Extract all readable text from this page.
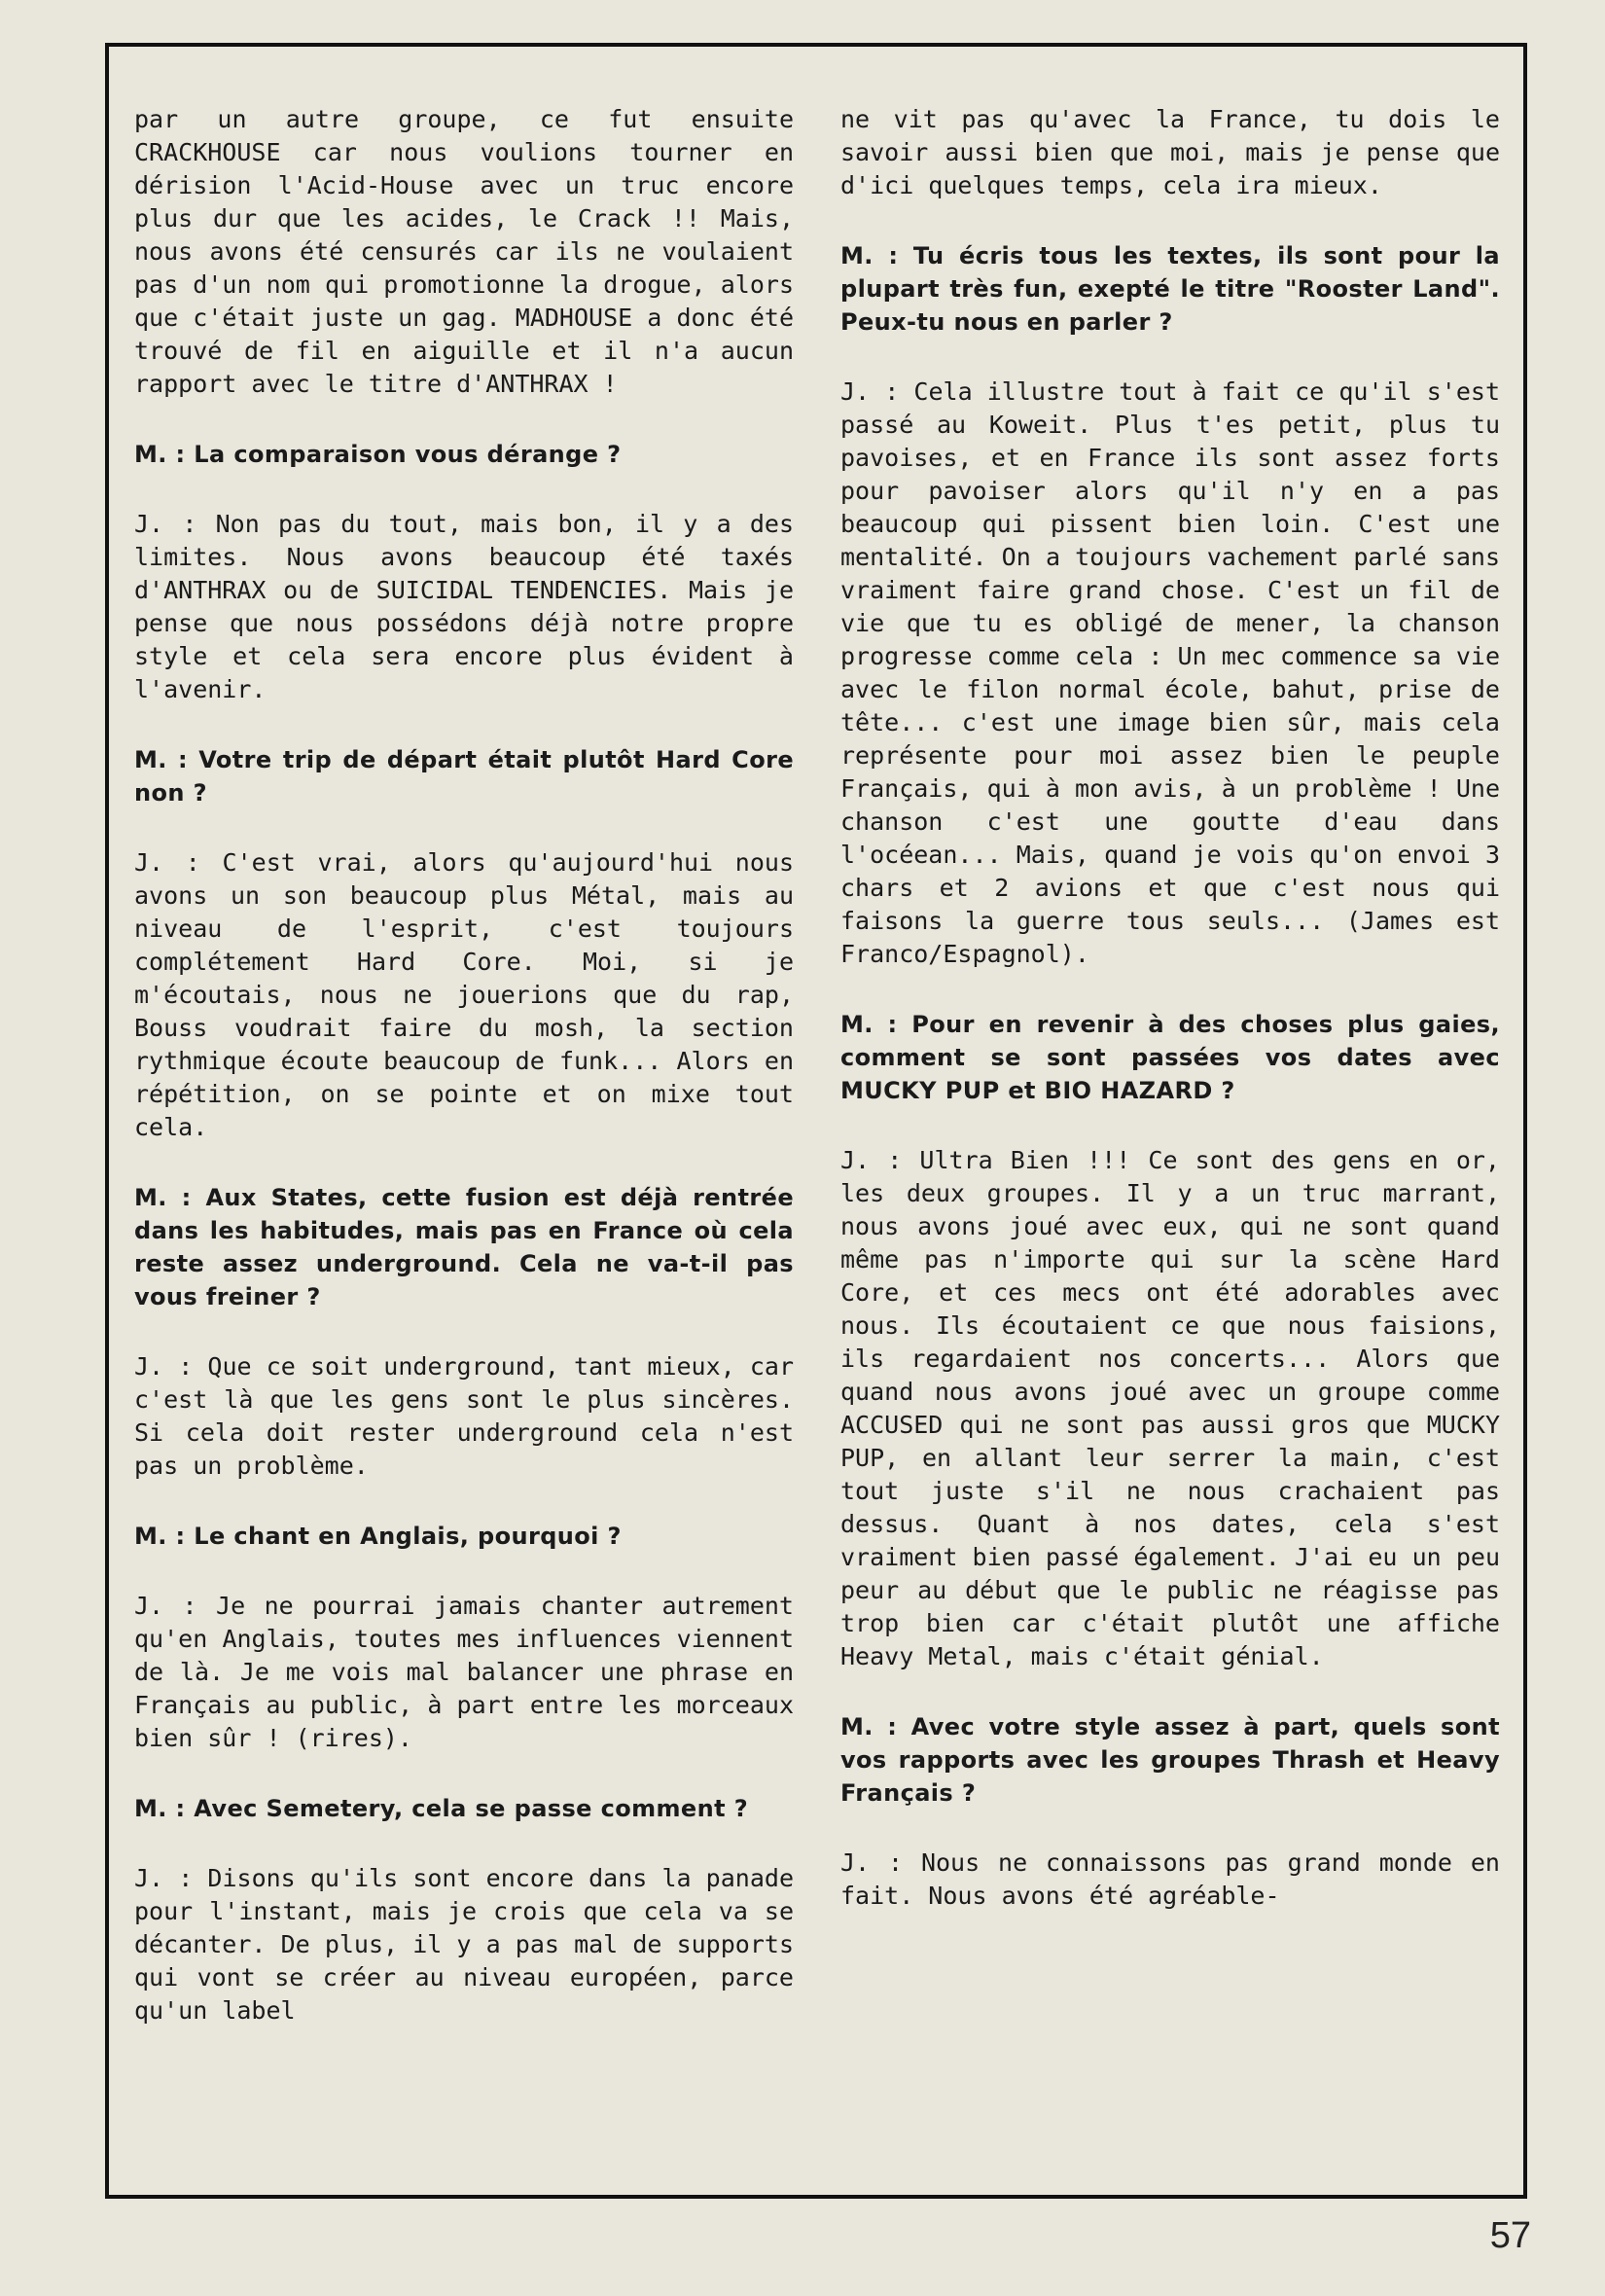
par un autre groupe, ce fut ensuite CRACKHOUSE car nous voulions tourner en dérision l'Acid-House avec un truc encore plus dur que les acides, le Crack !! Mais, nous avons été censurés car ils ne voulaient pas d'un nom qui promotionne la drogue, alors que c'était juste un gag. MADHOUSE a donc été trouvé de fil en aiguille et il n'a aucun rapport avec le titre d'ANTHRAX !

M. : La comparaison vous dérange ?

J. : Non pas du tout, mais bon, il y a des limites. Nous avons beaucoup été taxés d'ANTHRAX ou de SUICIDAL TENDENCIES. Mais je pense que nous possédons déjà notre propre style et cela sera encore plus évident à l'avenir.

M. : Votre trip de départ était plutôt Hard Core non ?

J. : C'est vrai, alors qu'aujourd'hui nous avons un son beaucoup plus Métal, mais au niveau de l'esprit, c'est toujours complétement Hard Core. Moi, si je m'écoutais, nous ne jouerions que du rap, Bouss voudrait faire du mosh, la section rythmique écoute beaucoup de funk... Alors en répétition, on se pointe et on mixe tout cela.

M. : Aux States, cette fusion est déjà rentrée dans les habitudes, mais pas en France où cela reste assez underground. Cela ne va-t-il pas vous freiner ?

J. : Que ce soit underground, tant mieux, car c'est là que les gens sont le plus sincères. Si cela doit rester underground cela n'est pas un problème.

M. : Le chant en Anglais, pourquoi ?

J. : Je ne pourrai jamais chanter autrement qu'en Anglais, toutes mes influences viennent de là. Je me vois mal balancer une phrase en Français au public, à part entre les morceaux bien sûr ! (rires).

M. : Avec Semetery, cela se passe comment ?

J. : Disons qu'ils sont encore dans la panade pour l'instant, mais je crois que cela va se décanter. De plus, il y a pas mal de supports qui vont se créer au niveau européen, parce qu'un label

ne vit pas qu'avec la France, tu dois le savoir aussi bien que moi, mais je pense que d'ici quelques temps, cela ira mieux.

M. : Tu écris tous les textes, ils sont pour la plupart très fun, exepté le titre "Rooster Land". Peux-tu nous en parler ?

J. : Cela illustre tout à fait ce qu'il s'est passé au Koweit. Plus t'es petit, plus tu pavoises, et en France ils sont assez forts pour pavoiser alors qu'il n'y en a pas beaucoup qui pissent bien loin. C'est une mentalité. On a toujours vachement parlé sans vraiment faire grand chose. C'est un fil de vie que tu es obligé de mener, la chanson progresse comme cela : Un mec commence sa vie avec le filon normal école, bahut, prise de tête... c'est une image bien sûr, mais cela représente pour moi assez bien le peuple Français, qui à mon avis, à un problème ! Une chanson c'est une goutte d'eau dans l'océean... Mais, quand je vois qu'on envoi 3 chars et 2 avions et que c'est nous qui faisons la guerre tous seuls... (James est Franco/Espagnol).

M. : Pour en revenir à des choses plus gaies, comment se sont passées vos dates avec MUCKY PUP et BIO HAZARD ?

J. : Ultra Bien !!! Ce sont des gens en or, les deux groupes. Il y a un truc marrant, nous avons joué avec eux, qui ne sont quand même pas n'importe qui sur la scène Hard Core, et ces mecs ont été adorables avec nous. Ils écoutaient ce que nous faisions, ils regardaient nos concerts... Alors que quand nous avons joué avec un groupe comme ACCUSED qui ne sont pas aussi gros que MUCKY PUP, en allant leur serrer la main, c'est tout juste s'il ne nous crachaient pas dessus. Quant à nos dates, cela s'est vraiment bien passé également. J'ai eu un peu peur au début que le public ne réagisse pas trop bien car c'était plutôt une affiche Heavy Metal, mais c'était génial.

M. : Avec votre style assez à part, quels sont vos rapports avec les groupes Thrash et Heavy Français ?

J. : Nous ne connaissons pas grand monde en fait. Nous avons été agréable-

57
